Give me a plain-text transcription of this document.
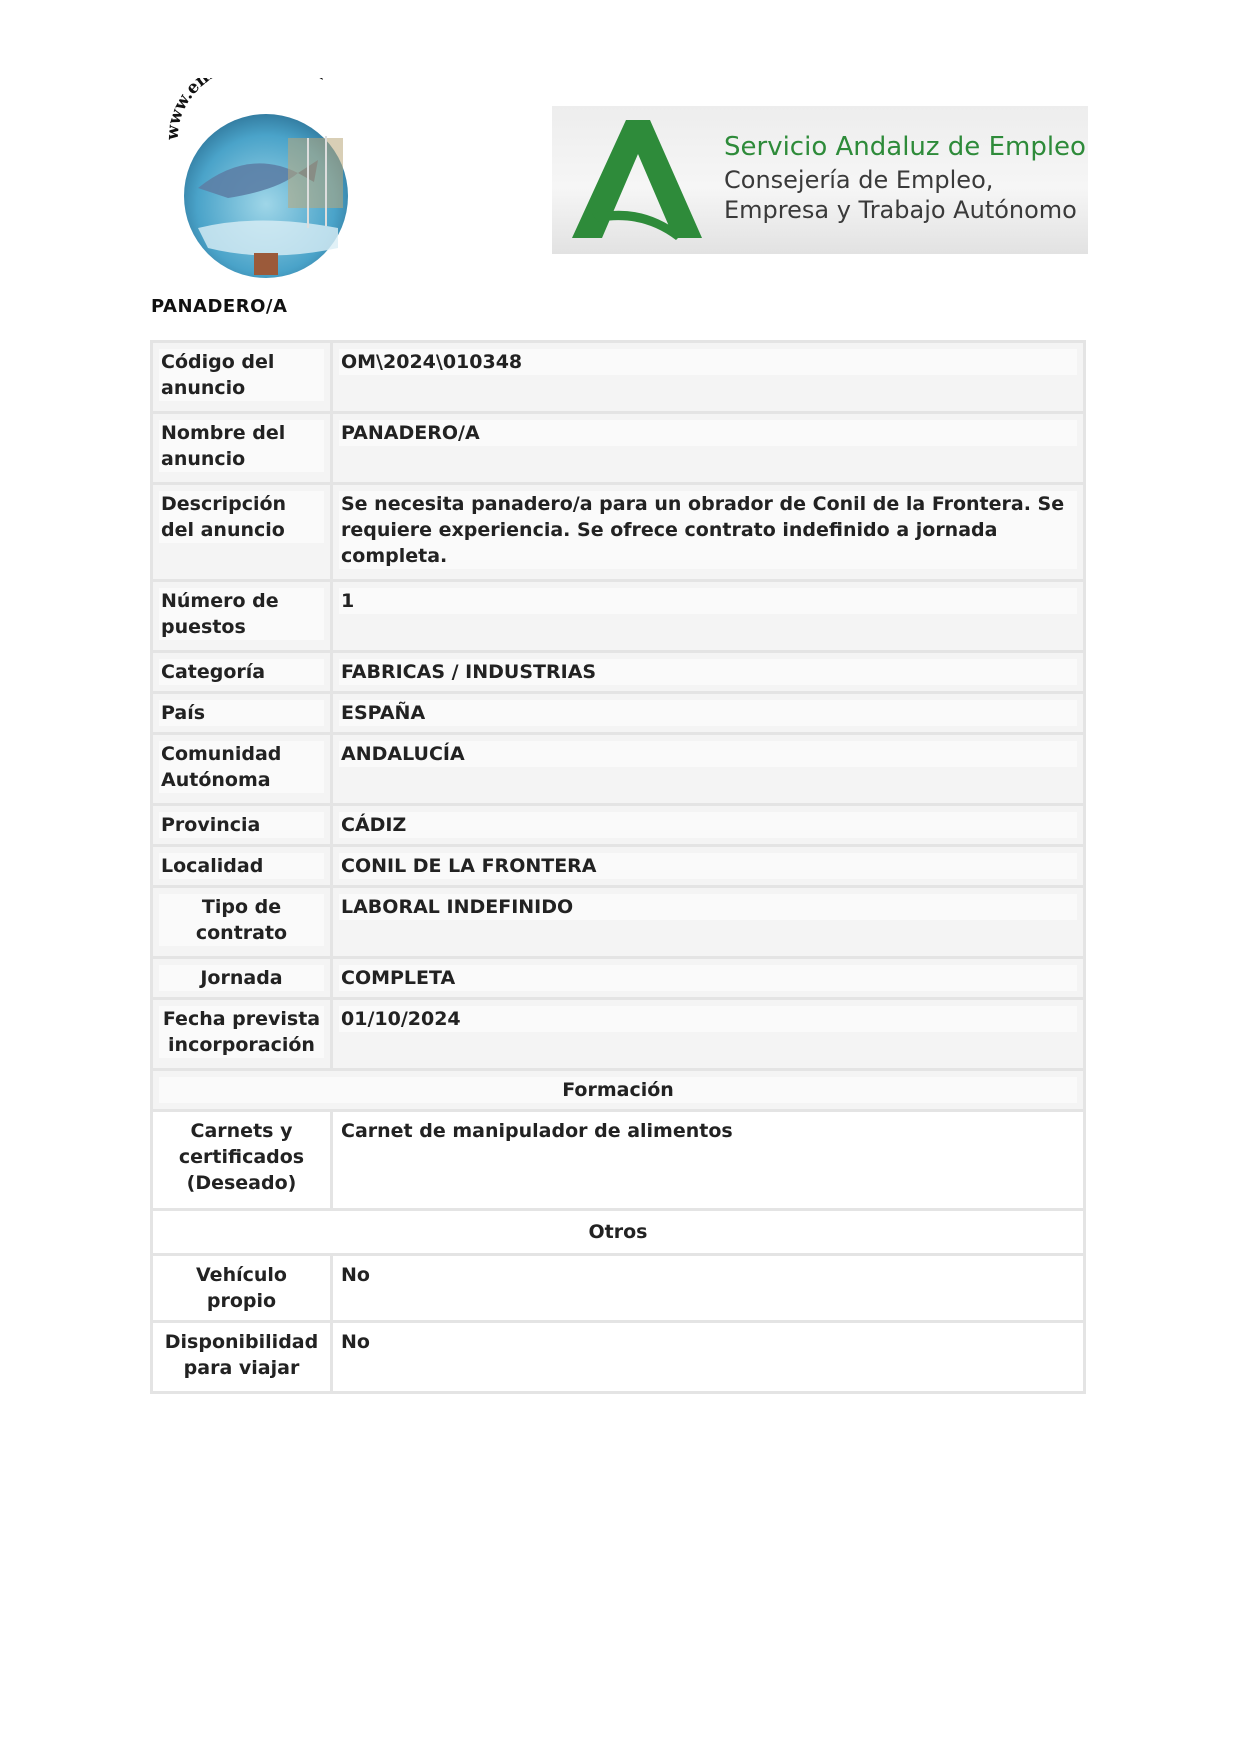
www.en
Servicio Andaluz de Empleo
Consejería de Empleo,
Empresa y Trabajo Autónomo
PANADERO/A
Código del anuncio	OM\2024\010348

Nombre del anuncio	PANADERO/A

Descripción del anuncio	Se necesita panadero/a para un obrador de Conil de la Frontera. Se requiere experiencia. Se ofrece contrato indefinido a jornada completa.

Número de puestos	1

Categoría	FABRICAS / INDUSTRIAS

País	ESPAÑA

Comunidad Autónoma	ANDALUCÍA

Provincia	CÁDIZ

Localidad	CONIL DE LA FRONTERA

Tipo de contrato	LABORAL INDEFINIDO

Jornada	COMPLETA

Fecha prevista incorporación	01/10/2024

Formación	

Carnets y certificados (Deseado)	Carnet de manipulador de alimentos

Otros	

Vehículo propio	No

Disponibilidad para viajar	No
